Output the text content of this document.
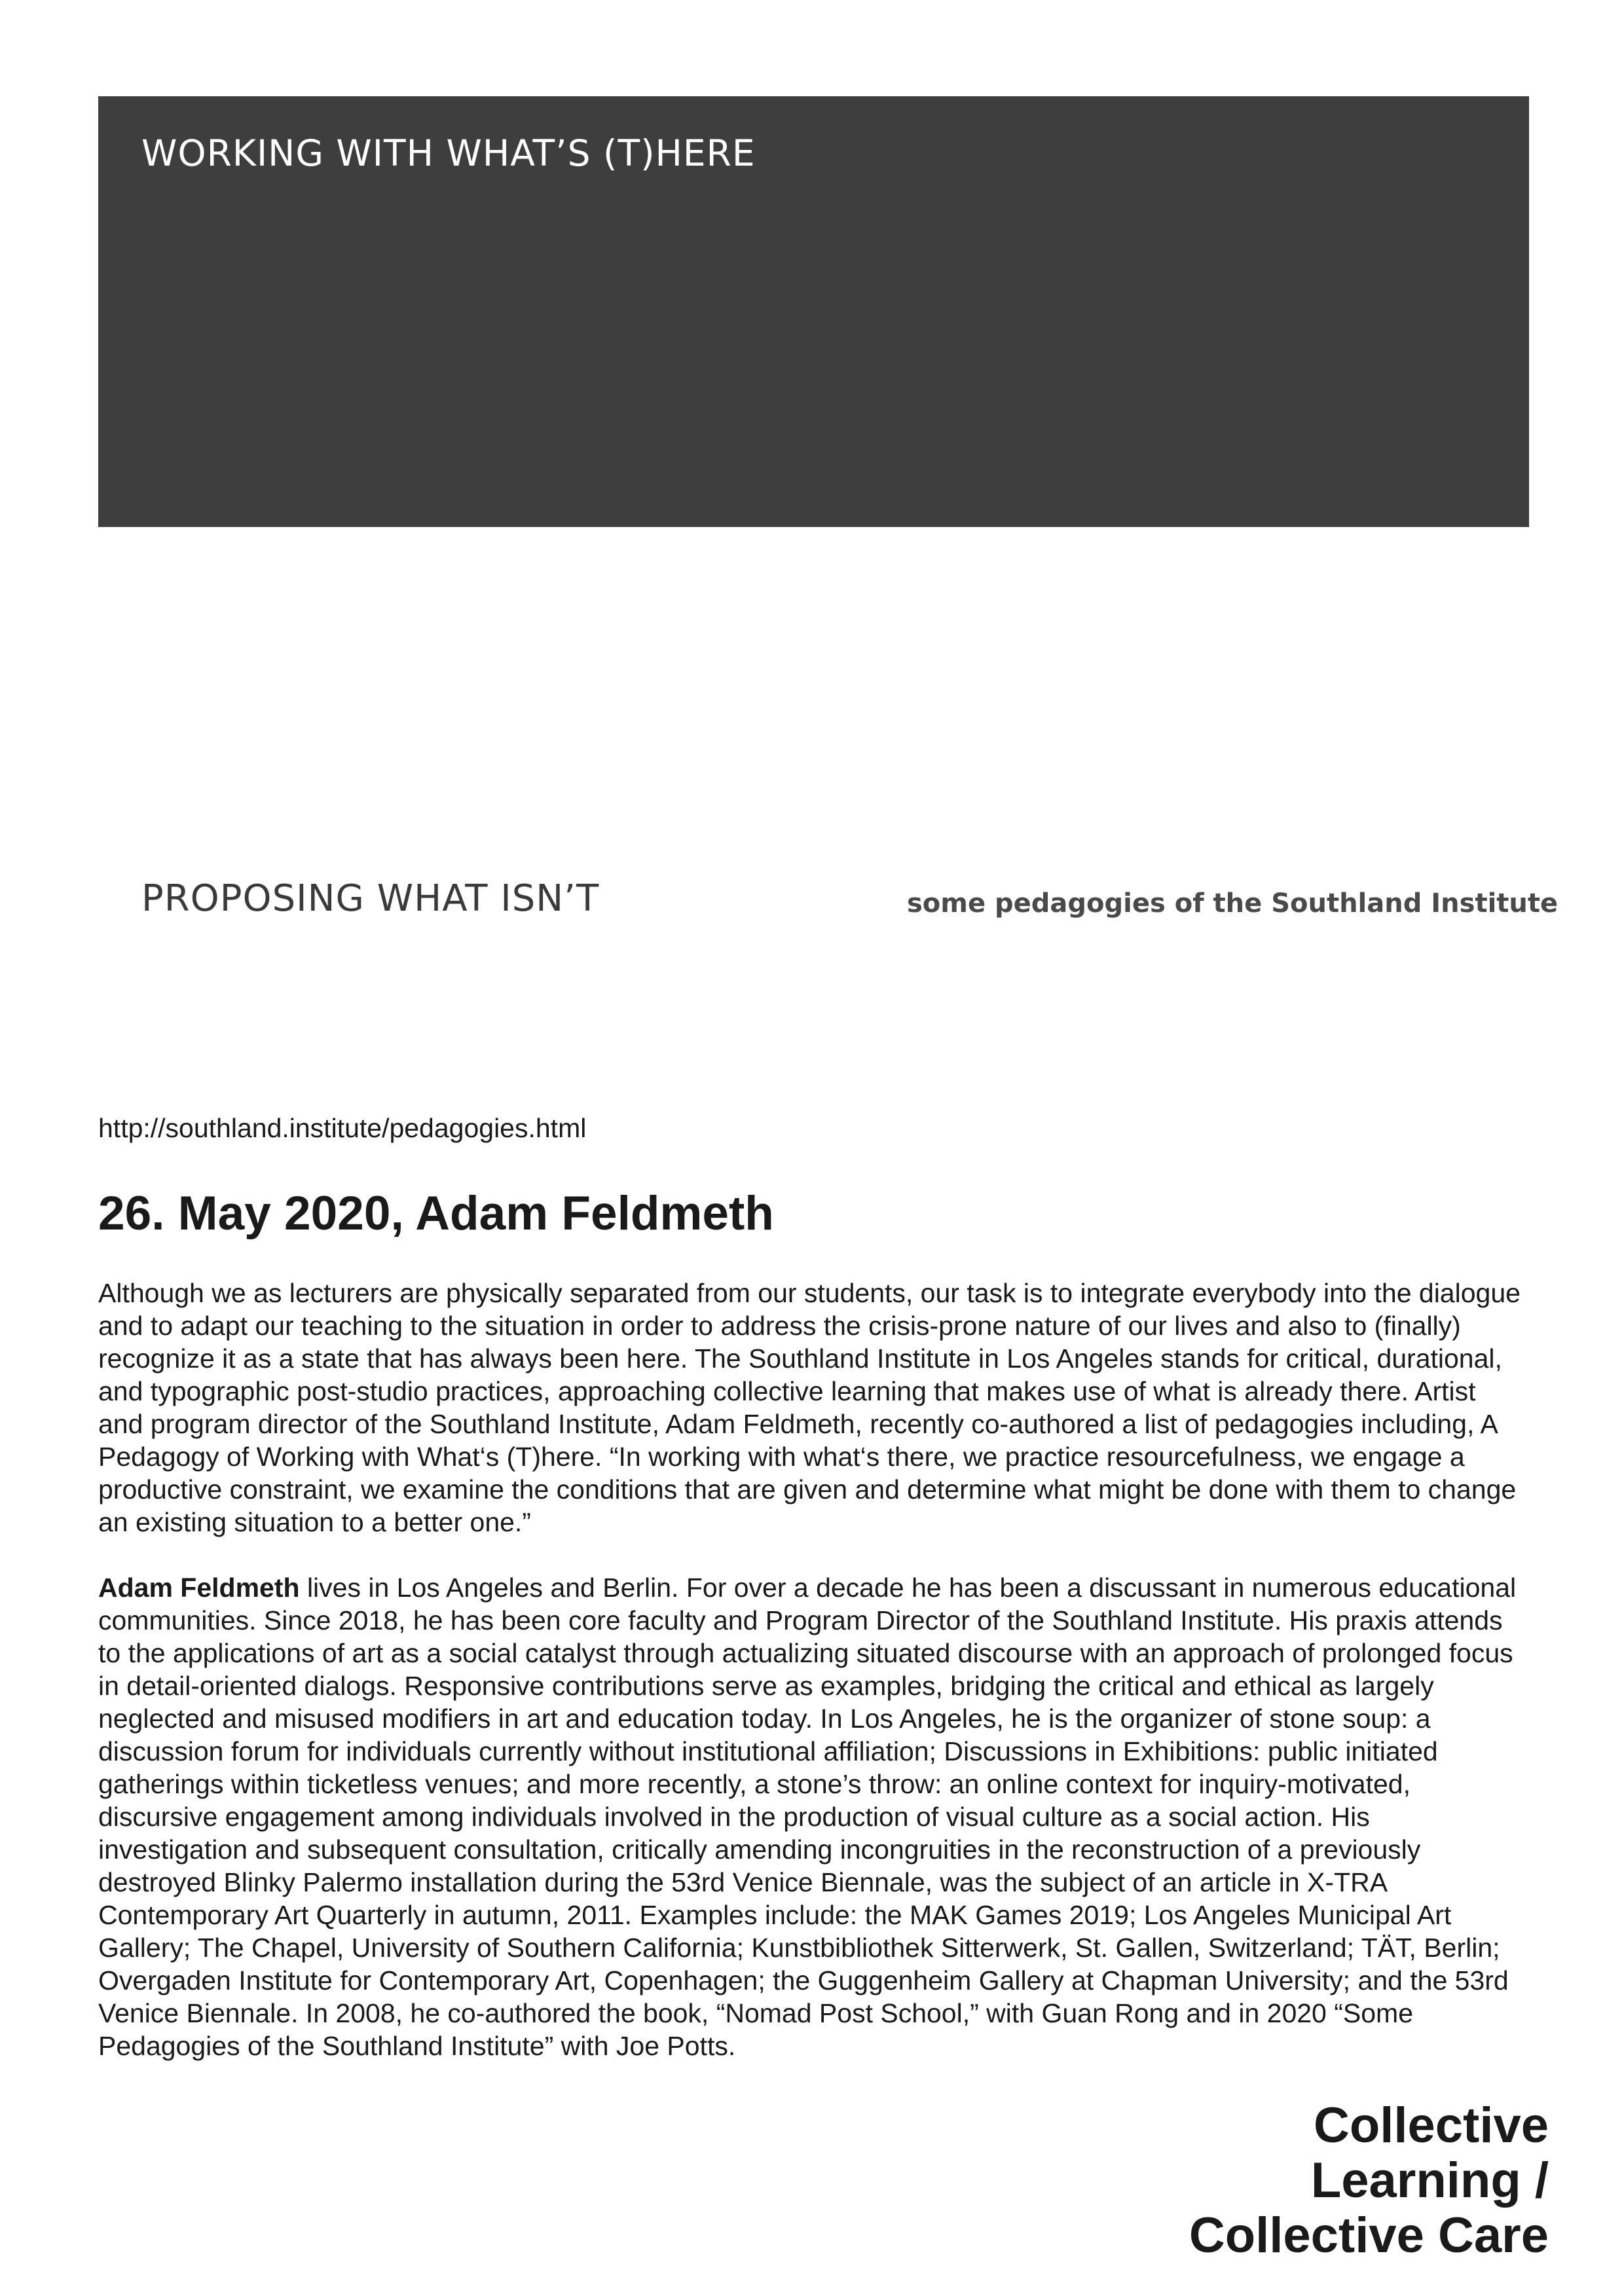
WORKING WITH WHAT’S (T)HERE
PROPOSING WHAT ISN’T	some pedagogies of the Southland Institute
http://southland.institute/pedagogies.html
26. May 2020, Adam Feldmeth

Although we as lecturers are physically separated from our students, our task is to integrate everybody into the dialogue and to adapt our teaching to the situation in order to address the crisis-prone nature of our lives and also to (finally) recognize it as a state that has always been here. The Southland Institute in Los Angeles stands for critical, durational, and typographic post-studio practices, approaching collective learning that makes use of what is already there. Artist and program director of the Southland Institute, Adam Feldmeth, recently co-authored a list of pedagogies including, A Pedagogy of Working with What‘s (T)here. “In working with what‘s there, we practice resourcefulness, we engage a productive constraint, we examine the conditions that are given and determine what might be done with them to change an existing situation to a better one.”

Adam Feldmeth lives in Los Angeles and Berlin. For over a decade he has been a discussant in numerous educational communities. Since 2018, he has been core faculty and Program Director of the Southland Institute. His praxis attends to the applications of art as a social catalyst through actualizing situated discourse with an approach of prolonged focus in detail-oriented dialogs. Responsive contributions serve as examples, bridging the critical and ethical as largely neglected and misused modifiers in art and education today. In Los Angeles, he is the organizer of stone soup: a discussion forum for individuals currently without institutional affiliation; Discussions in Exhibitions: public initiated gatherings within ticketless venues; and more recently, a stone’s throw: an online context for inquiry-motivated, discursive engagement among individuals involved in the production of visual culture as a social action. His investigation and subsequent consultation, critically amending incongruities in the reconstruction of a previously destroyed Blinky Palermo installation during the 53rd Venice Biennale, was the subject of an article in X-TRA Contemporary Art Quarterly in autumn, 2011. Examples include: the MAK Games 2019; Los Angeles Municipal Art Gallery; The Chapel, University of Southern California; Kunstbibliothek Sitterwerk, St. Gallen, Switzerland; TÄT, Berlin; Overgaden Institute for Contemporary Art, Copenhagen; the Guggenheim Gallery at Chapman University; and the 53rd Venice Biennale. In 2008, he co-authored the book, “Nomad Post School,” with Guan Rong and in 2020 “Some Pedagogies of the Southland Institute” with Joe Potts.

Collective
Learning /
Collective Care
